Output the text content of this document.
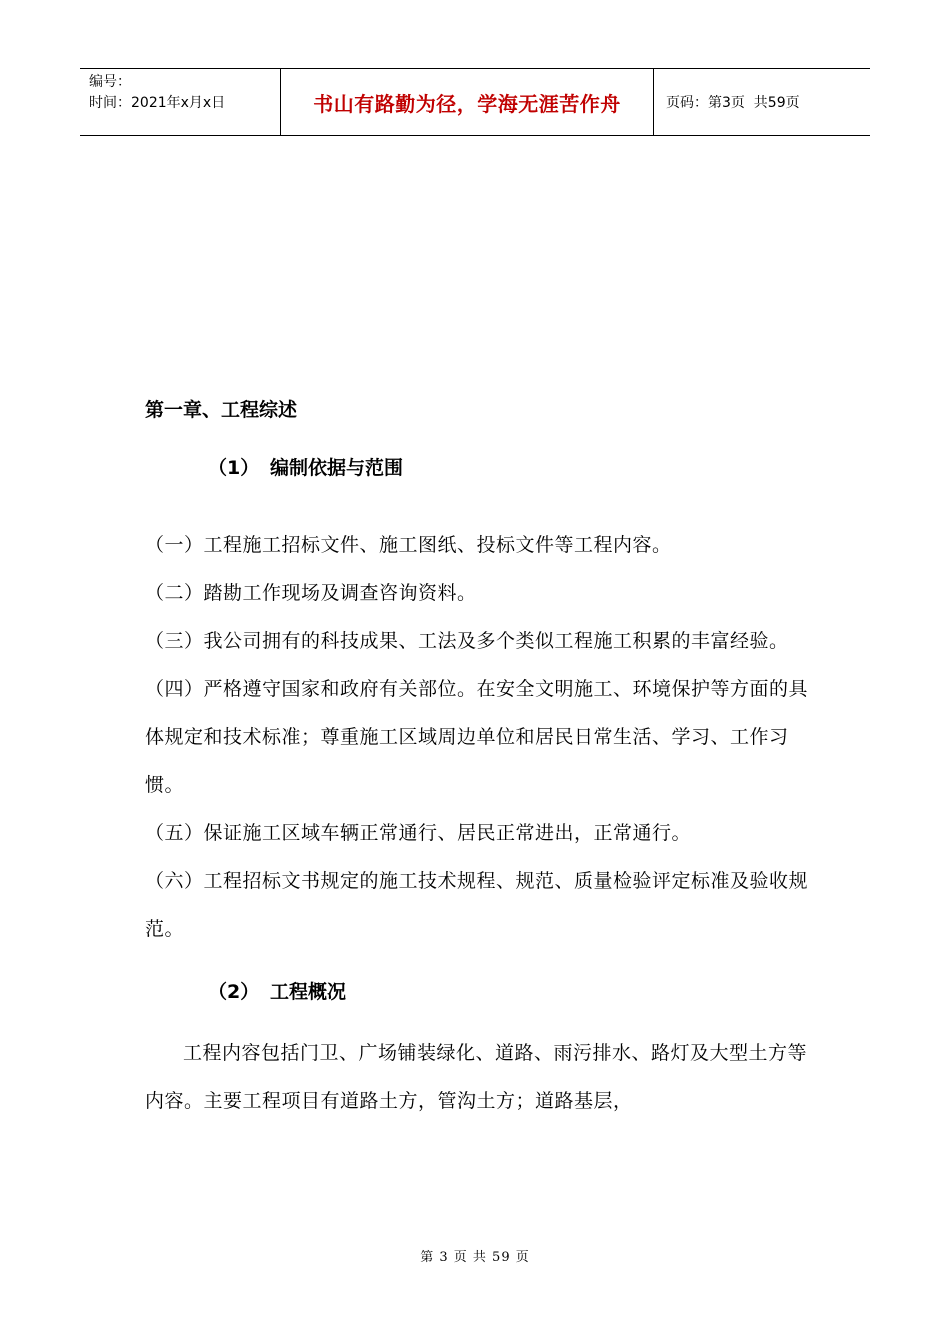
编号：
时间：2021年x月x日	书山有路勤为径，学海无涯苦作舟	页码：第3页  共59页
第一章、工程综述
（1） 编制依据与范围

（一）工程施工招标文件、施工图纸、投标文件等工程内容。

（二）踏勘工作现场及调查咨询资料。

（三）我公司拥有的科技成果、工法及多个类似工程施工积累的丰富经验。

（四）严格遵守国家和政府有关部位。在安全文明施工、环境保护等方面的具体规定和技术标准；尊重施工区域周边单位和居民日常生活、学习、工作习惯。

（五）保证施工区域车辆正常通行、居民正常进出，正常通行。

（六）工程招标文书规定的施工技术规程、规范、质量检验评定标准及验收规范。

（2） 工程概况

工程内容包括门卫、广场铺装绿化、道路、雨污排水、路灯及大型土方等内容。主要工程项目有道路土方，管沟土方；道路基层，

第 3 页 共 59 页
